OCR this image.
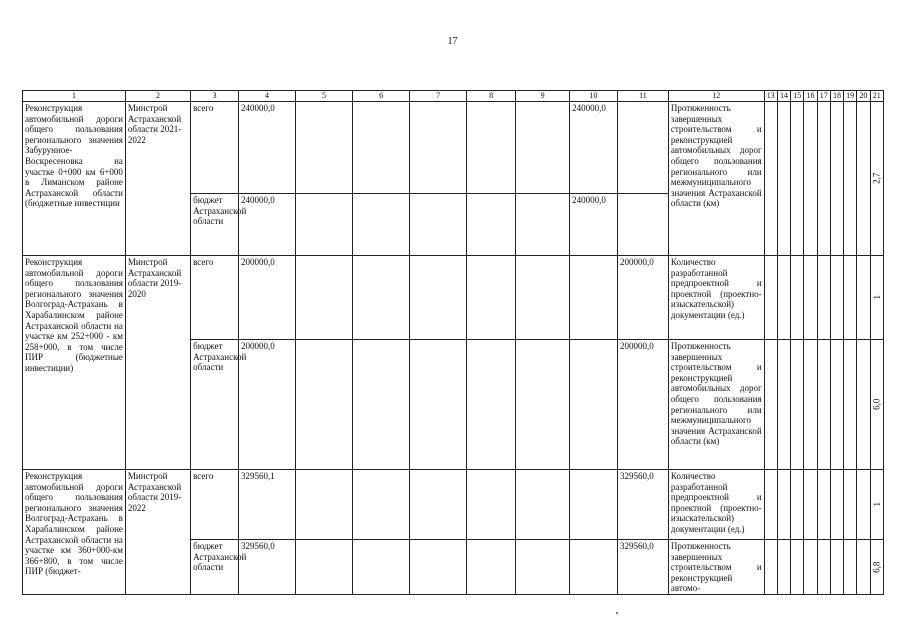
17
1	2	3	4	5	6	7	8	9	10	11	12	13	14	15	16	17	18	19	20	21
Реконструкция автомобильной дороги общего пользования регионального значения Забурунное-Воскресеновка на участке 0+000 км 6+000 в Лиманском районе Астраханской области (бюджетные инвестиции	Минстрой Астраханской области 2021-2022	всего	240000,0						240000,0		Протяженность завершенных строительством и реконструкцией автомобильных дорог общего пользования регионального или межмуниципального значения Астраханской области (км)									2,7
		бюджет Астраханской области	240000,0						240000,0											
Реконструкция автомобильной дороги общего пользования регионального значения Волгоград-Астрахань в Харабалинском районе Астраханской области на участке км 252+000 - км 258+000, в том числе ПИР (бюджетные инвестиции)	Минстрой Астраханской области 2019-2020	всего	200000,0							200000,0	Количество разработанной предпроектной и проектной (проектно-изыскательской) документации (ед.)									1
		бюджет Астраханской области	200000,0							200000,0	Протяженность завершенных строительством и реконструкцией автомобильных дорог общего пользования регионального или межмуниципального значения Астраханской области (км)									6,0
Реконструкция автомобильной дороги общего пользования регионального значения Волгоград-Астрахань в Харабалинском районе Астраханской области на участке км 360+000-км 366+800, в том числе ПИР (бюджет-	Минстрой Астраханской области 2019-2022	всего	329560,1							329560,0	Количество разработанной предпроектной и проектной (проектно-изыскательской) документации (ед.)									1
		бюджет Астраханской области	329560,0							329560,0	Протяженность завершенных строительством и реконструкцией автомо-									6,8
